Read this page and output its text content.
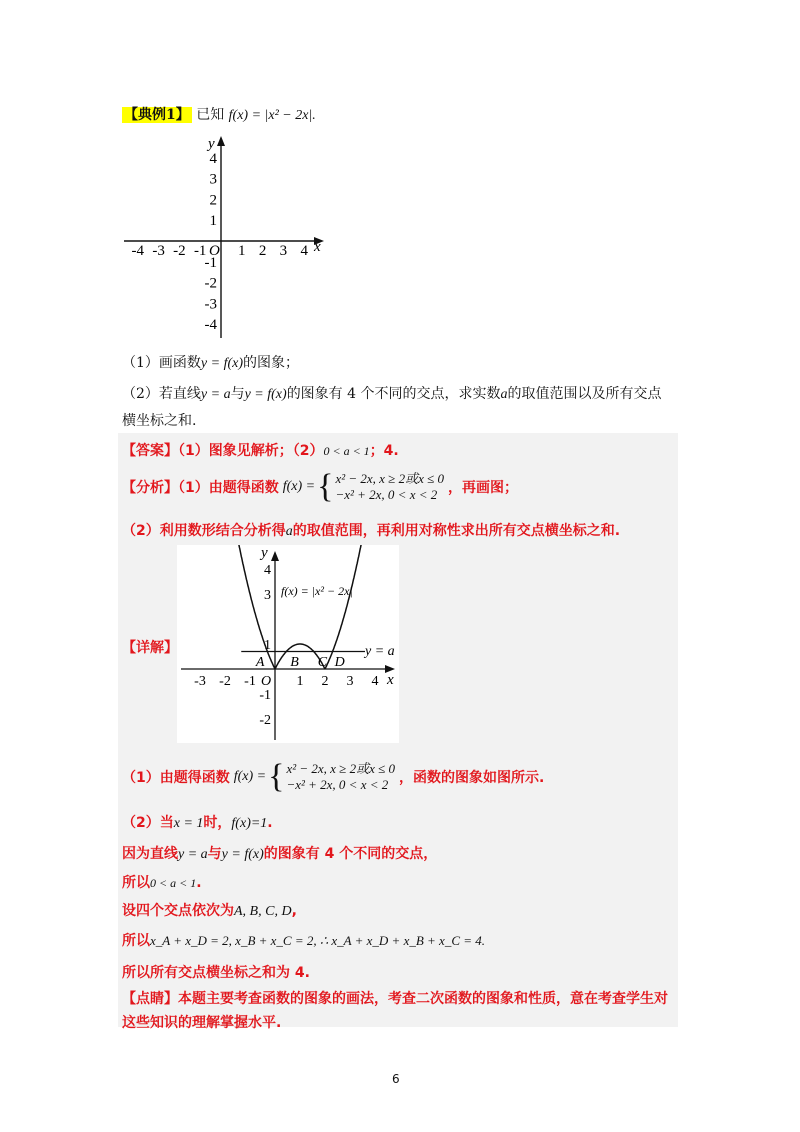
【典例1】 已知 f(x) = |x² − 2x|.
x
y
O
-4 -3 -2 -1 1 2 3 4
4
3
2
1
-1
-2
-3
-4
（1）画函数y = f(x)的图象；
（2）若直线y = a与y = f(x)的图象有 4 个不同的交点，求实数a的取值范围以及所有交点
横坐标之和.
【答案】（1）图象见解析；（2）0 < a < 1；4.
【分析】（1）由题得函数 f(x) = { x² − 2x, x ≥ 2或x ≤ 0
−x² + 2x, 0 < x < 2 ，再画图；
（2）利用数形结合分析得a的取值范围，再利用对称性求出所有交点横坐标之和.
【详解】
x
y
O
f(x) = |x² − 2x|
y = a
-3 -2 -1	1 2 3 4
4
3
1
-1
-2
A B C D
（1）由题得函数 f(x) = { x² − 2x, x ≥ 2或x ≤ 0
−x² + 2x, 0 < x < 2 ，函数的图象如图所示.
（2）当x = 1时，f(x)=1.
因为直线y = a与y = f(x)的图象有 4 个不同的交点，
所以0 < a < 1.
设四个交点依次为A, B, C, D,
所以x_A + x_D = 2, x_B + x_C = 2, ∴ x_A + x_D + x_B + x_C = 4.
所以所有交点横坐标之和为 4.
【点睛】本题主要考查函数的图象的画法，考查二次函数的图象和性质，意在考查学生对
这些知识的理解掌握水平.
6
